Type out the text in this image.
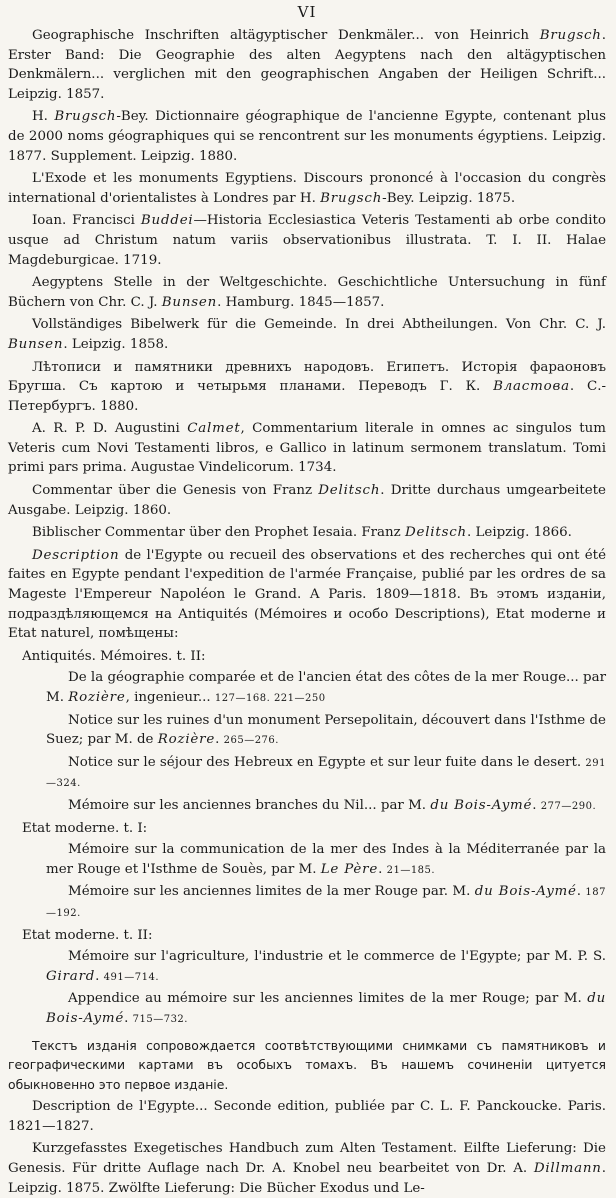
VI

Geographische Inschriften altägyptischer Denkmäler... von Heinrich Brugsch. Erster Band: Die Geographie des alten Aegyptens nach den altägyptischen Denkmälern... verglichen mit den geographischen Angaben der Heiligen Schrift... Leipzig. 1857.

H. Brugsch-Bey. Dictionnaire géographique de l'ancienne Egypte, contenant plus de 2000 noms géographiques qui se rencontrent sur les monuments égyptiens. Leipzig. 1877. Supplement. Leipzig. 1880.

L'Exode et les monuments Egyptiens. Discours prononcé à l'occasion du congrès international d'orientalistes à Londres par H. Brugsch-Bey. Leipzig. 1875.

Ioan. Francisci Buddei—Historia Ecclesiastica Veteris Testamenti ab orbe condito usque ad Christum natum variis observationibus illustrata. T. I. II. Halae Magdeburgicae. 1719.

Aegyptens Stelle in der Weltgeschichte. Geschichtliche Untersuchung in fünf Büchern von Chr. C. J. Bunsen. Hamburg. 1845—1857.

Vollständiges Bibelwerk für die Gemeinde. In drei Abtheilungen. Von Chr. C. J. Bunsen. Leipzig. 1858.

Лѣтописи и памятники древнихъ народовъ. Египетъ. Исторія фараоновъ Бругша. Съ картою и четырьмя планами. Переводъ Г. К. Властова. С.-Петербургъ. 1880.

A. R. P. D. Augustini Calmet, Commentarium literale in omnes ac singulos tum Veteris cum Novi Testamenti libros, e Gallico in latinum sermonem translatum. Tomi primi pars prima. Augustae Vindelicorum. 1734.

Commentar über die Genesis von Franz Delitsch. Dritte durchaus umgearbeitete Ausgabe. Leipzig. 1860.

Biblischer Commentar über den Prophet Iesaia. Franz Delitsch. Leipzig. 1866.

Description de l'Egypte ou recueil des observations et des recherches qui ont été faites en Egypte pendant l'expedition de l'armée Française, publié par les ordres de sa Mageste l'Empereur Napoléon le Grand. A Paris. 1809—1818. Въ этомъ изданіи, подраздѣляющемся на Antiquités (Mémoires и особо Descriptions), Etat moderne и Etat naturel, помѣщены:

Antiquités. Mémoires. t. II:

De la géographie comparée et de l'ancien état des côtes de la mer Rouge... par M. Rozière, ingenieur... 127—168. 221—250

Notice sur les ruines d'un monument Persepolitain, découvert dans l'Isthme de Suez; par M. de Rozière. 265—276.

Notice sur le séjour des Hebreux en Egypte et sur leur fuite dans le desert. 291—324.

Mémoire sur les anciennes branches du Nil... par M. du Bois-Aymé. 277—290.

Etat moderne. t. I:

Mémoire sur la communication de la mer des Indes à la Méditerranée par la mer Rouge et l'Isthme de Souès, par M. Le Père. 21—185.

Mémoire sur les anciennes limites de la mer Rouge par. M. du Bois-Aymé. 187—192.

Etat moderne. t. II:

Mémoire sur l'agriculture, l'industrie et le commerce de l'Egypte; par M. P. S. Girard. 491—714.

Appendice au mémoire sur les anciennes limites de la mer Rouge; par M. du Bois-Aymé. 715—732.

Текстъ изданія сопровождается соотвѣтствующими снимками съ памятниковъ и географическими картами въ особыхъ томахъ. Въ нашемъ сочиненіи цитуется обыкновенно это первое изданіе.

Description de l'Egypte... Seconde edition, publiée par C. L. F. Panckoucke. Paris. 1821—1827.

Kurzgefasstes Exegetisches Handbuch zum Alten Testament. Eilfte Lieferung: Die Genesis. Für dritte Auflage nach Dr. A. Knobel neu bearbeitet von Dr. A. Dillmann. Leipzig. 1875. Zwölfte Lieferung: Die Bücher Exodus und Le-
